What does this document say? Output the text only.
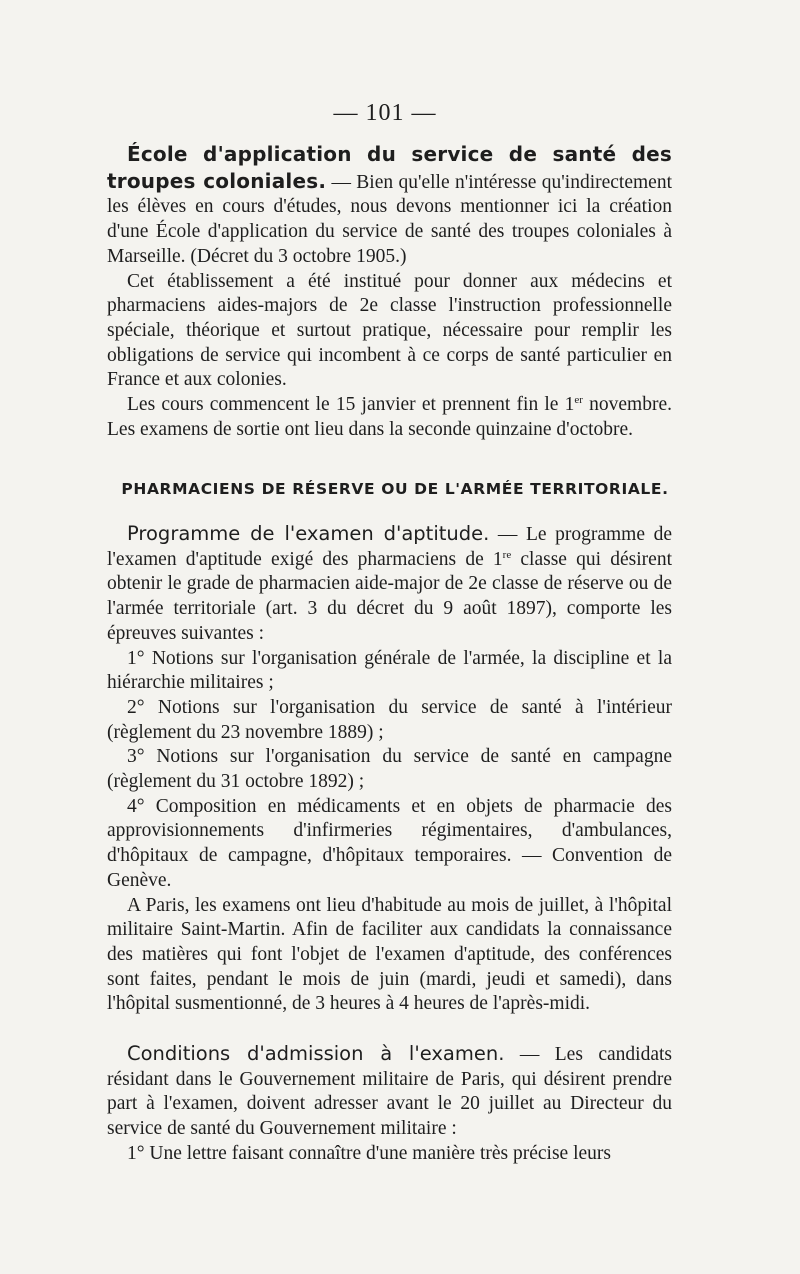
— 101 —

École d'application du service de santé des troupes coloniales. — Bien qu'elle n'intéresse qu'indirectement les élèves en cours d'études, nous devons mentionner ici la création d'une École d'application du service de santé des troupes coloniales à Marseille. (Décret du 3 octobre 1905.)

Cet établissement a été institué pour donner aux médecins et pharmaciens aides-majors de 2e classe l'instruction professionnelle spéciale, théorique et surtout pratique, nécessaire pour remplir les obligations de service qui incombent à ce corps de santé particulier en France et aux colonies.

Les cours commencent le 15 janvier et prennent fin le 1er novembre. Les examens de sortie ont lieu dans la seconde quinzaine d'octobre.

PHARMACIENS DE RÉSERVE OU DE L'ARMÉE TERRITORIALE.

Programme de l'examen d'aptitude. — Le programme de l'examen d'aptitude exigé des pharmaciens de 1re classe qui désirent obtenir le grade de pharmacien aide-major de 2e classe de réserve ou de l'armée territoriale (art. 3 du décret du 9 août 1897), comporte les épreuves suivantes :

1° Notions sur l'organisation générale de l'armée, la discipline et la hiérarchie militaires ;

2° Notions sur l'organisation du service de santé à l'intérieur (règlement du 23 novembre 1889) ;

3° Notions sur l'organisation du service de santé en campagne (règlement du 31 octobre 1892) ;

4° Composition en médicaments et en objets de pharmacie des approvisionnements d'infirmeries régimentaires, d'ambulances, d'hôpitaux de campagne, d'hôpitaux temporaires. — Convention de Genève.

A Paris, les examens ont lieu d'habitude au mois de juillet, à l'hôpital militaire Saint-Martin. Afin de faciliter aux candidats la connaissance des matières qui font l'objet de l'examen d'aptitude, des conférences sont faites, pendant le mois de juin (mardi, jeudi et samedi), dans l'hôpital susmentionné, de 3 heures à 4 heures de l'après-midi.

Conditions d'admission à l'examen. — Les candidats résidant dans le Gouvernement militaire de Paris, qui désirent prendre part à l'examen, doivent adresser avant le 20 juillet au Directeur du service de santé du Gouvernement militaire :

1° Une lettre faisant connaître d'une manière très précise leurs
